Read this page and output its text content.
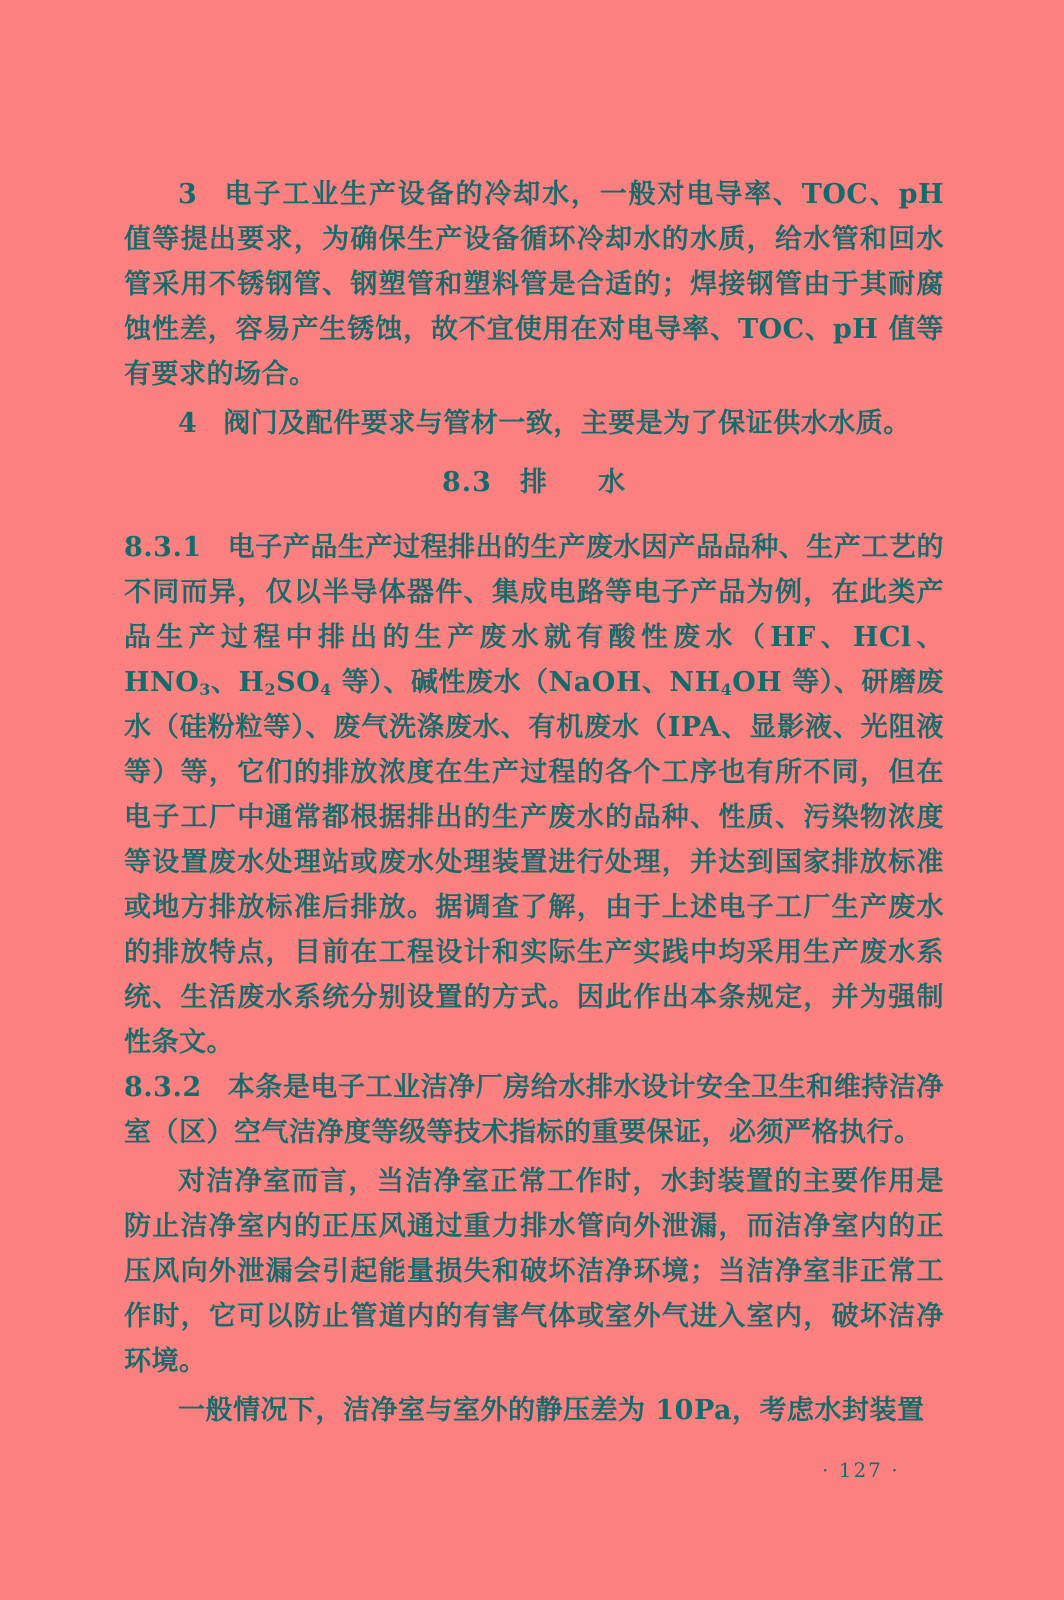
3 电子工业生产设备的冷却水，一般对电导率、TOC、pH 值等提出要求，为确保生产设备循环冷却水的水质，给水管和回水管采用不锈钢管、钢塑管和塑料管是合适的；焊接钢管由于其耐腐蚀性差，容易产生锈蚀，故不宜使用在对电导率、TOC、pH 值等有要求的场合。

4 阀门及配件要求与管材一致，主要是为了保证供水水质。

8.3 排 水

8.3.1 电子产品生产过程排出的生产废水因产品品种、生产工艺的不同而异，仅以半导体器件、集成电路等电子产品为例，在此类产品生产过程中排出的生产废水就有酸性废水（HF、HCl、$HNO_3$、$H_2SO_4$ 等）、碱性废水（NaOH、$NH_4OH$ 等）、研磨废水（硅粉粒等）、废气洗涤废水、有机废水（IPA、显影液、光阻液等）等，它们的排放浓度在生产过程的各个工序也有所不同，但在电子工厂中通常都根据排出的生产废水的品种、性质、污染物浓度等设置废水处理站或废水处理装置进行处理，并达到国家排放标准或地方排放标准后排放。据调查了解，由于上述电子工厂生产废水的排放特点，目前在工程设计和实际生产实践中均采用生产废水系统、生活废水系统分别设置的方式。因此作出本条规定，并为强制性条文。

8.3.2 本条是电子工业洁净厂房给水排水设计安全卫生和维持洁净室（区）空气洁净度等级等技术指标的重要保证，必须严格执行。

对洁净室而言，当洁净室正常工作时，水封装置的主要作用是防止洁净室内的正压风通过重力排水管向外泄漏，而洁净室内的正压风向外泄漏会引起能量损失和破坏洁净环境；当洁净室非正常工作时，它可以防止管道内的有害气体或室外气进入室内，破坏洁净环境。

一般情况下，洁净室与室外的静压差为 10Pa，考虑水封装置

· 127 ·
